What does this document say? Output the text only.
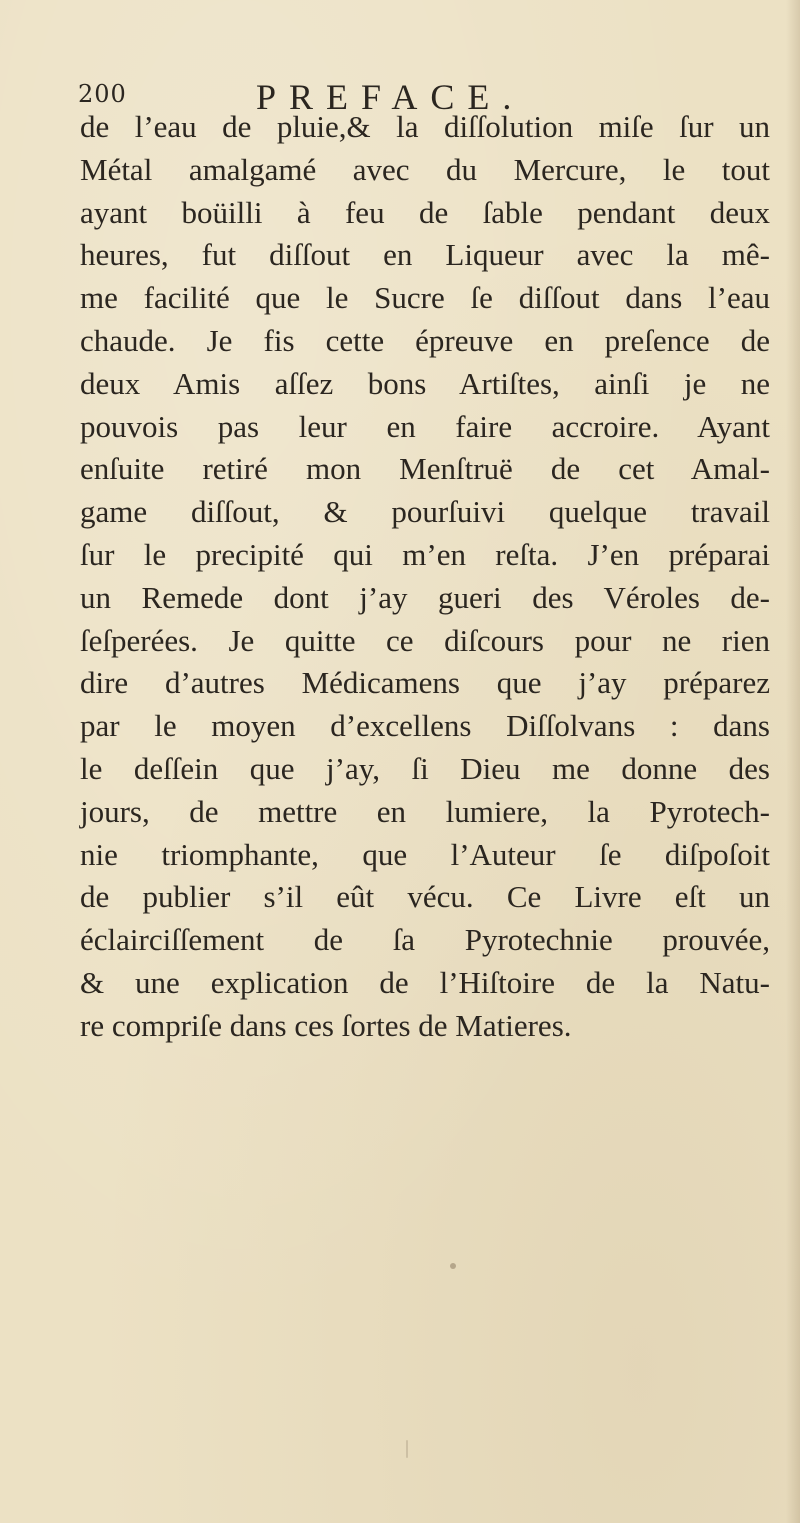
200	PREFACE.
de l’eau de pluie,& la diſſolution miſe ſur un
Métal amalgamé avec du Mercure, le tout
ayant boüilli à feu de ſable pendant deux
heures, fut diſſout en Liqueur avec la mê-
me facilité que le Sucre ſe diſſout dans l’eau
chaude. Je fis cette épreuve en preſence de
deux Amis aſſez bons Artiſtes, ainſi je ne
pouvois pas leur en faire accroire. Ayant
enſuite retiré mon Menſtruë de cet Amal-
game diſſout, & pourſuivi quelque travail
ſur le precipité qui m’en reſta. J’en préparai
un Remede dont j’ay gueri des Véroles de-
ſeſperées. Je quitte ce diſcours pour ne rien
dire d’autres Médicamens que j’ay préparez
par le moyen d’excellens Diſſolvans : dans
le deſſein que j’ay, ſi Dieu me donne des
jours, de mettre en lumiere, la Pyrotech-
nie triomphante, que l’Auteur ſe diſpoſoit
de publier s’il eût vécu. Ce Livre eſt un
éclairciſſement de ſa Pyrotechnie prouvée,
& une explication de l’Hiſtoire de la Natu-
re compriſe dans ces ſortes de Matieres.
